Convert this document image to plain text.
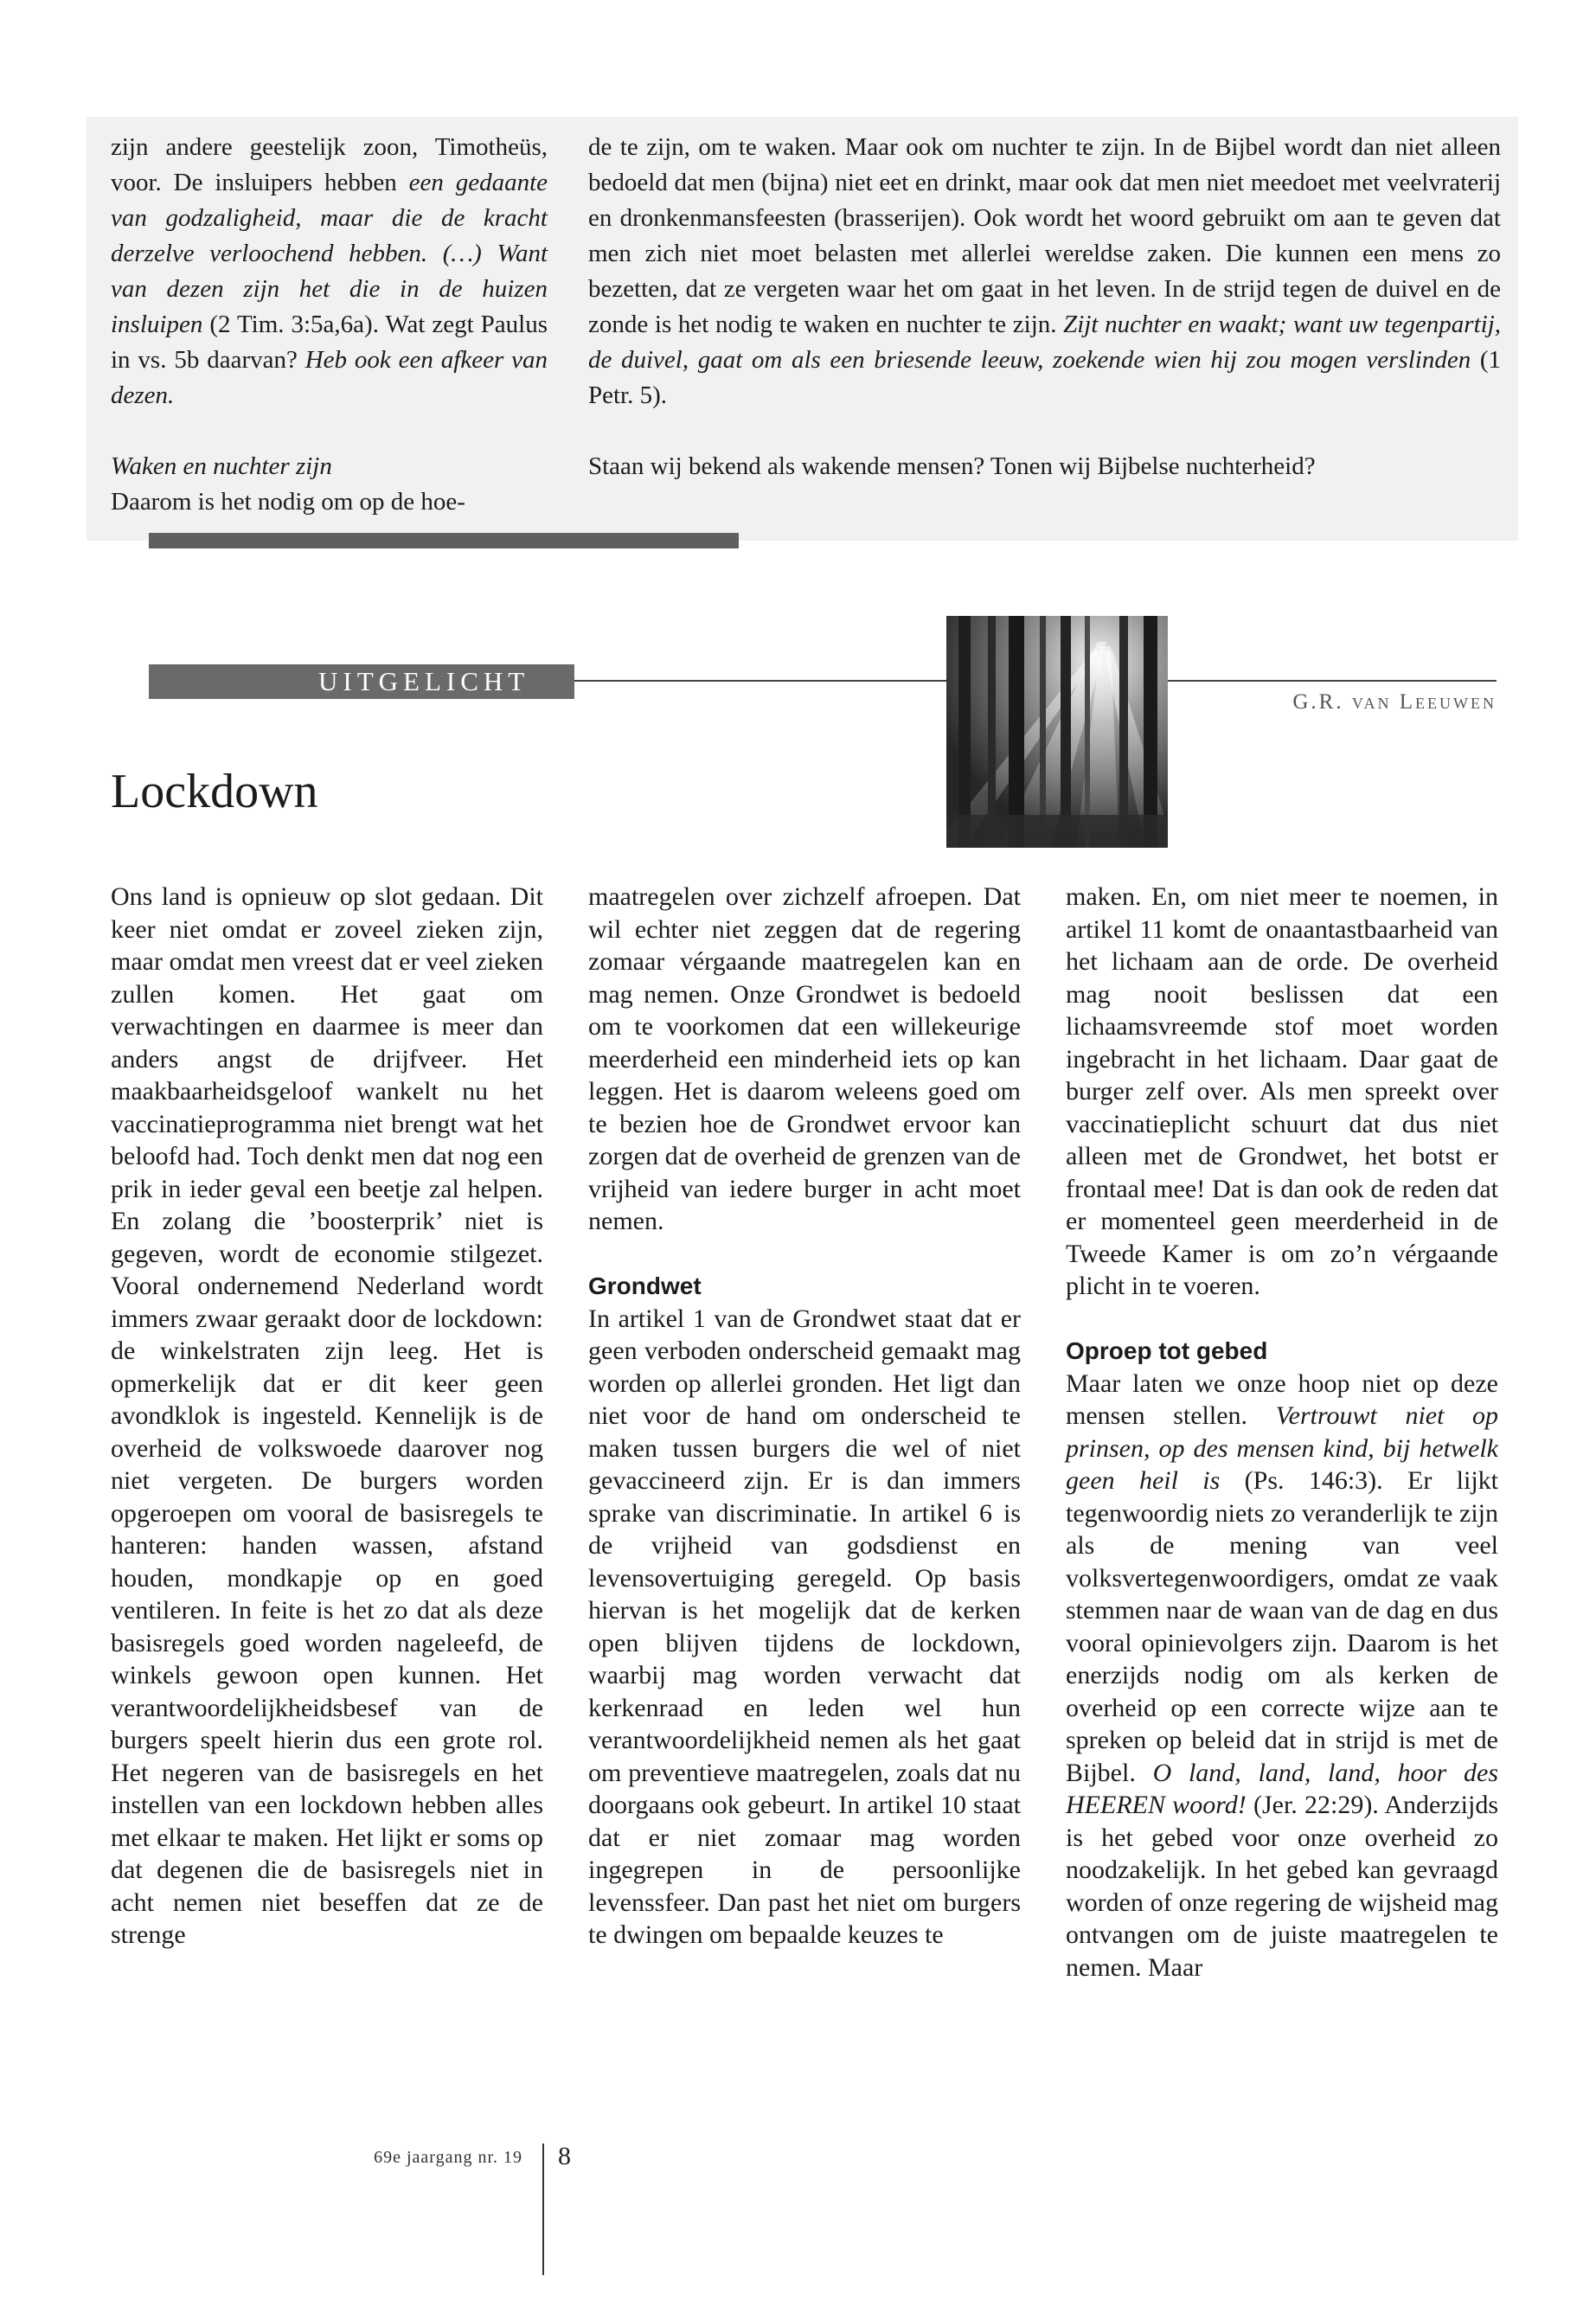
zijn andere geestelijk zoon, Timotheüs, voor. De insluipers hebben een gedaante van godzaligheid, maar die de kracht derzelve verloochend hebben. (…) Want van dezen zijn het die in de huizen insluipen (2 Tim. 3:5a,6a). Wat zegt Paulus in vs. 5b daarvan? Heb ook een afkeer van dezen.

Waken en nuchter zijn

Daarom is het nodig om op de hoe-

de te zijn, om te waken. Maar ook om nuchter te zijn. In de Bijbel wordt dan niet alleen bedoeld dat men (bijna) niet eet en drinkt, maar ook dat men niet meedoet met veelvraterij en dronkenmansfeesten (brasserijen). Ook wordt het woord gebruikt om aan te geven dat men zich niet moet belasten met allerlei wereldse zaken. Die kunnen een mens zo bezetten, dat ze vergeten waar het om gaat in het leven. In de strijd tegen de duivel en de zonde is het nodig te waken en nuchter te zijn. Zijt nuchter en waakt; want uw tegenpartij, de duivel, gaat om als een briesende leeuw, zoekende wien hij zou mogen verslinden (1 Petr. 5).

Staan wij bekend als wakende mensen? Tonen wij Bijbelse nuchterheid?

UITGELICHT
G.R. van Leeuwen
Lockdown

Ons land is opnieuw op slot gedaan. Dit keer niet omdat er zoveel zieken zijn, maar omdat men vreest dat er veel zieken zullen komen. Het gaat om verwachtingen en daarmee is meer dan anders angst de drijfveer. Het maakbaarheidsgeloof wankelt nu het vaccinatieprogramma niet brengt wat het beloofd had. Toch denkt men dat nog een prik in ieder geval een beetje zal helpen. En zolang die ’boosterprik’ niet is gegeven, wordt de economie stilgezet. Vooral ondernemend Nederland wordt immers zwaar geraakt door de lockdown: de winkelstraten zijn leeg. Het is opmerkelijk dat er dit keer geen avondklok is ingesteld. Kennelijk is de overheid de volkswoede daarover nog niet vergeten. De burgers worden opgeroepen om vooral de basisregels te hanteren: handen wassen, afstand houden, mondkapje op en goed ventileren. In feite is het zo dat als deze basisregels goed worden nageleefd, de winkels gewoon open kunnen. Het verantwoordelijkheidsbesef van de burgers speelt hierin dus een grote rol. Het negeren van de basisregels en het instellen van een lockdown hebben alles met elkaar te maken. Het lijkt er soms op dat degenen die de basisregels niet in acht nemen niet beseffen dat ze de strenge

maatregelen over zichzelf afroepen. Dat wil echter niet zeggen dat de regering zomaar vérgaande maatregelen kan en mag nemen. Onze Grondwet is bedoeld om te voorkomen dat een willekeurige meerderheid een minderheid iets op kan leggen. Het is daarom weleens goed om te bezien hoe de Grondwet ervoor kan zorgen dat de overheid de grenzen van de vrijheid van iedere burger in acht moet nemen.

Grondwet

In artikel 1 van de Grondwet staat dat er geen verboden onderscheid gemaakt mag worden op allerlei gronden. Het ligt dan niet voor de hand om onderscheid te maken tussen burgers die wel of niet gevaccineerd zijn. Er is dan immers sprake van discriminatie. In artikel 6 is de vrijheid van godsdienst en levensovertuiging geregeld. Op basis hiervan is het mogelijk dat de kerken open blijven tijdens de lockdown, waarbij mag worden verwacht dat kerkenraad en leden wel hun verantwoordelijkheid nemen als het gaat om preventieve maatregelen, zoals dat nu doorgaans ook gebeurt. In artikel 10 staat dat er niet zomaar mag worden ingegrepen in de persoonlijke levenssfeer. Dan past het niet om burgers te dwingen om bepaalde keuzes te

maken. En, om niet meer te noemen, in artikel 11 komt de onaantastbaarheid van het lichaam aan de orde. De overheid mag nooit beslissen dat een lichaamsvreemde stof moet worden ingebracht in het lichaam. Daar gaat de burger zelf over. Als men spreekt over vaccinatieplicht schuurt dat dus niet alleen met de Grondwet, het botst er frontaal mee! Dat is dan ook de reden dat er momenteel geen meerderheid in de Tweede Kamer is om zo’n vérgaande plicht in te voeren.

Oproep tot gebed

Maar laten we onze hoop niet op deze mensen stellen. Vertrouwt niet op prinsen, op des mensen kind, bij hetwelk geen heil is (Ps. 146:3). Er lijkt tegenwoordig niets zo veranderlijk te zijn als de mening van veel volksvertegenwoordigers, omdat ze vaak stemmen naar de waan van de dag en dus vooral opinievolgers zijn. Daarom is het enerzijds nodig om als kerken de overheid op een correcte wijze aan te spreken op beleid dat in strijd is met de Bijbel. O land, land, land, hoor des HEEREN woord! (Jer. 22:29). Anderzijds is het gebed voor onze overheid zo noodzakelijk. In het gebed kan gevraagd worden of onze regering de wijsheid mag ontvangen om de juiste maatregelen te nemen. Maar

69e jaargang nr. 19 8
